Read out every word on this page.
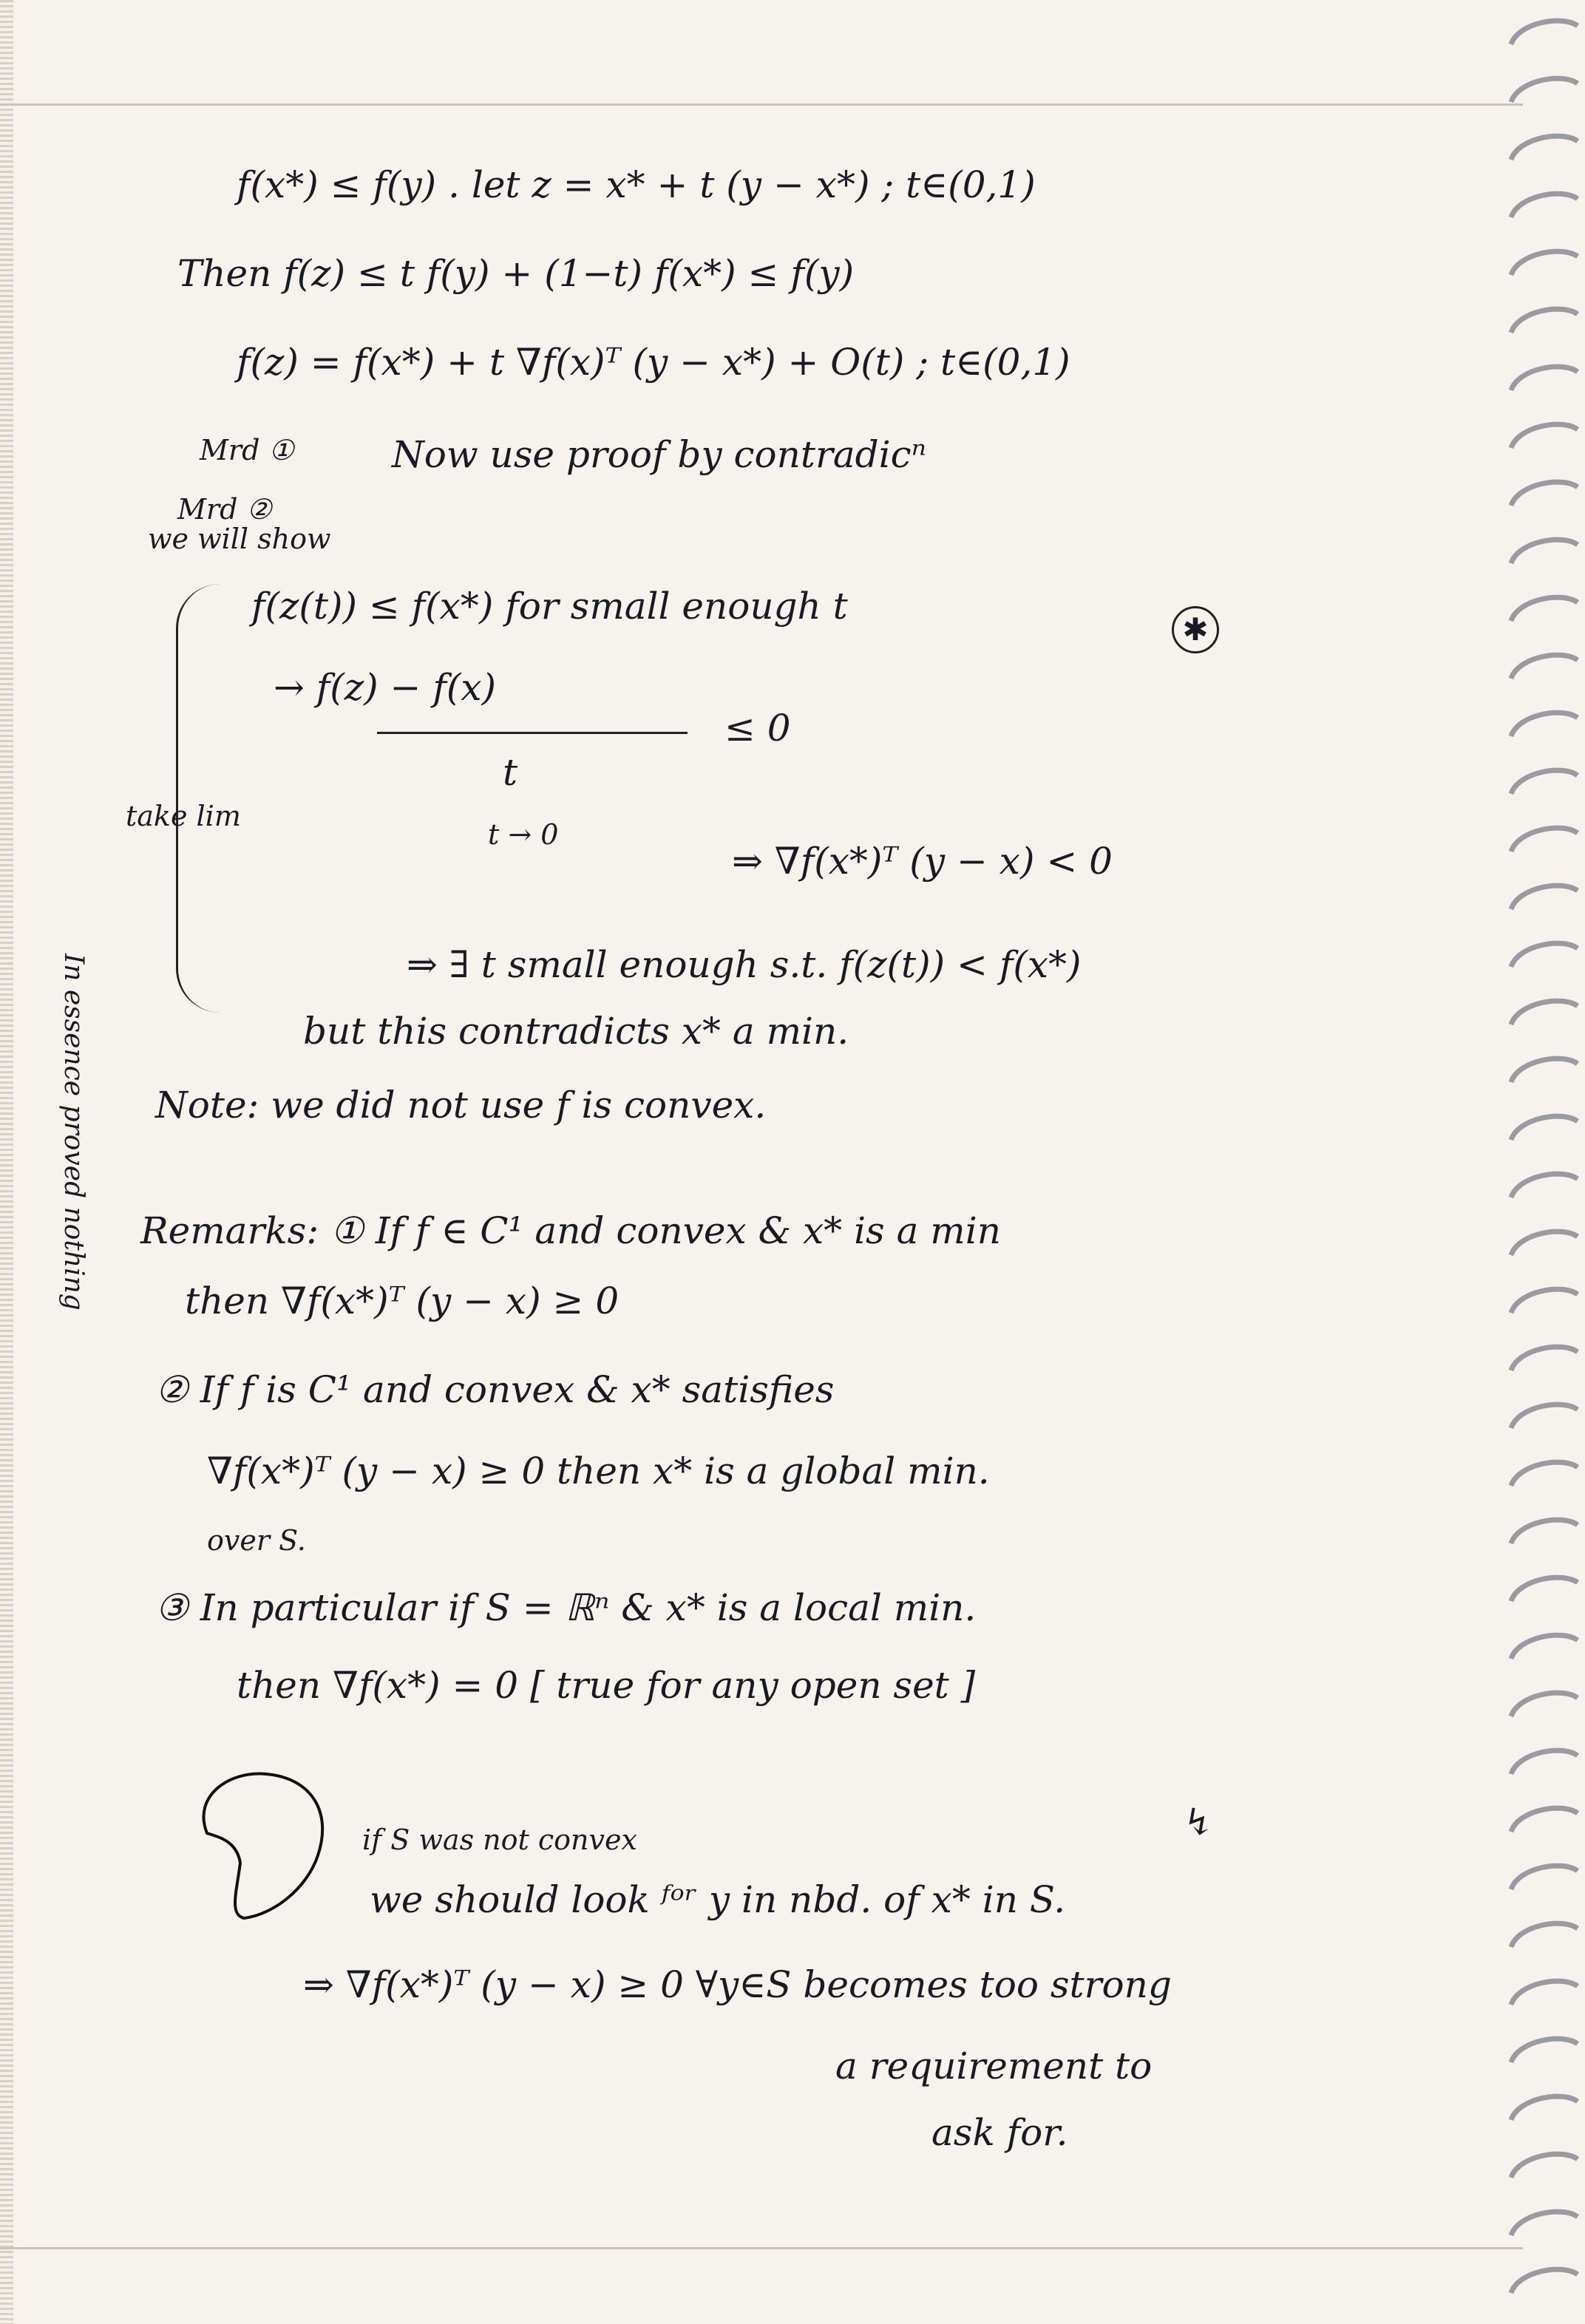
f(x*) ≤ f(y) . let z = x* + t (y − x*) ; t∈(0,1)
Then f(z) ≤ t f(y) + (1−t) f(x*) ≤ f(y)
f(z) = f(x*) + t ∇f(x)ᵀ (y − x*) + O(t) ; t∈(0,1)
Mrd ①	Now use proof by contradicⁿ
Mrd ②
we will show
In essence proved nothing
f(z(t)) ≤ f(x*) for small enough t
✱
→ f(z) − f(x)
≤ 0
t
take lim
t → 0
⇒ ∇f(x*)ᵀ (y − x) < 0
⇒ ∃ t small enough s.t. f(z(t)) < f(x*)
but this contradicts x* a min.
Note: we did not use f is convex.
Remarks: ① If f ∈ C¹ and convex & x* is a min
then ∇f(x*)ᵀ (y − x) ≥ 0
② If f is C¹ and convex & x* satisfies
∇f(x*)ᵀ (y − x) ≥ 0 then x* is a global min.
over S.
③ In particular if S = ℝⁿ & x* is a local min.
then ∇f(x*) = 0 [ true for any open set ]
if S was not convex	↯
we should look ᶠᵒʳ y in nbd. of x* in S.
⇒ ∇f(x*)ᵀ (y − x) ≥ 0 ∀y∈S becomes too strong
a requirement to
ask for.
